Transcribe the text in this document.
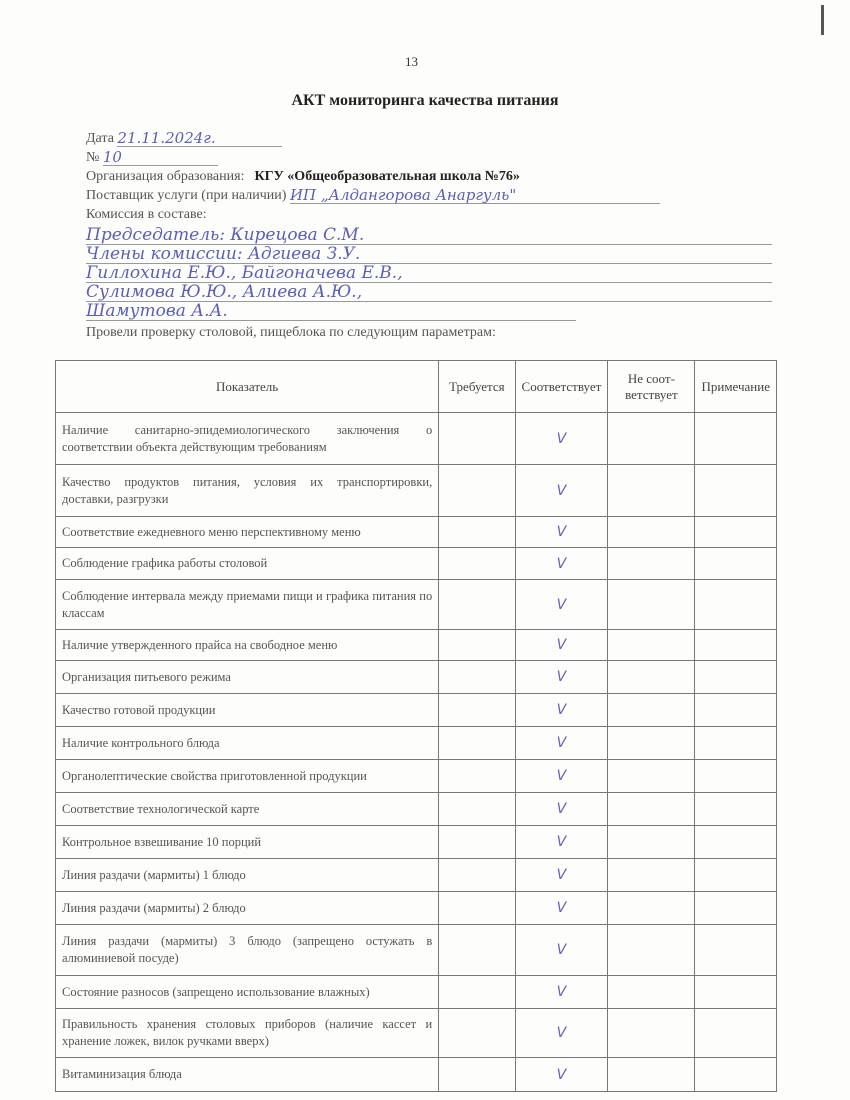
13
АКТ мониторинга качества питания
Дата 21.11.2024г.
№ 10
Организация образования: КГУ «Общеобразовательная школа №76»
Поставщик услуги (при наличии) ИП „Алдангорова Анаргуль"
Комиссия в составе:
Председатель: Кирецова С.М.
Члены комиссии: Адгиева З.У.
Гиллохина Е.Ю., Байгоначева Е.В.,
Сулимова Ю.Ю., Алиева А.Ю.,
Шамутова А.А.
Провели проверку столовой, пищеблока по следующим параметрам:
Показатель	Требуется	Соответствует	Не соот-ветствует	Примечание
Наличие санитарно-эпидемиологического заключения о соответствии объекта действующим требованиям		V		
Качество продуктов питания, условия их транспортировки, доставки, разгрузки		V		
Соответствие ежедневного меню перспективному меню		V		
Соблюдение графика работы столовой		V		
Соблюдение интервала между приемами пищи и графика питания по классам		V		
Наличие утвержденного прайса на свободное меню		V		
Организация питьевого режима		V		
Качество готовой продукции		V		
Наличие контрольного блюда		V		
Органолептические свойства приготовленной продукции		V		
Соответствие технологической карте		V		
Контрольное взвешивание 10 порций		V		
Линия раздачи (мармиты) 1 блюдо		V		
Линия раздачи (мармиты) 2 блюдо		V		
Линия раздачи (мармиты) 3 блюдо (запрещено остужать в алюминиевой посуде)		V		
Состояние разносов (запрещено использование влажных)		V		
Правильность хранения столовых приборов (наличие кассет и хранение ложек, вилок ручками вверх)		V		
Витаминизация блюда		V		
